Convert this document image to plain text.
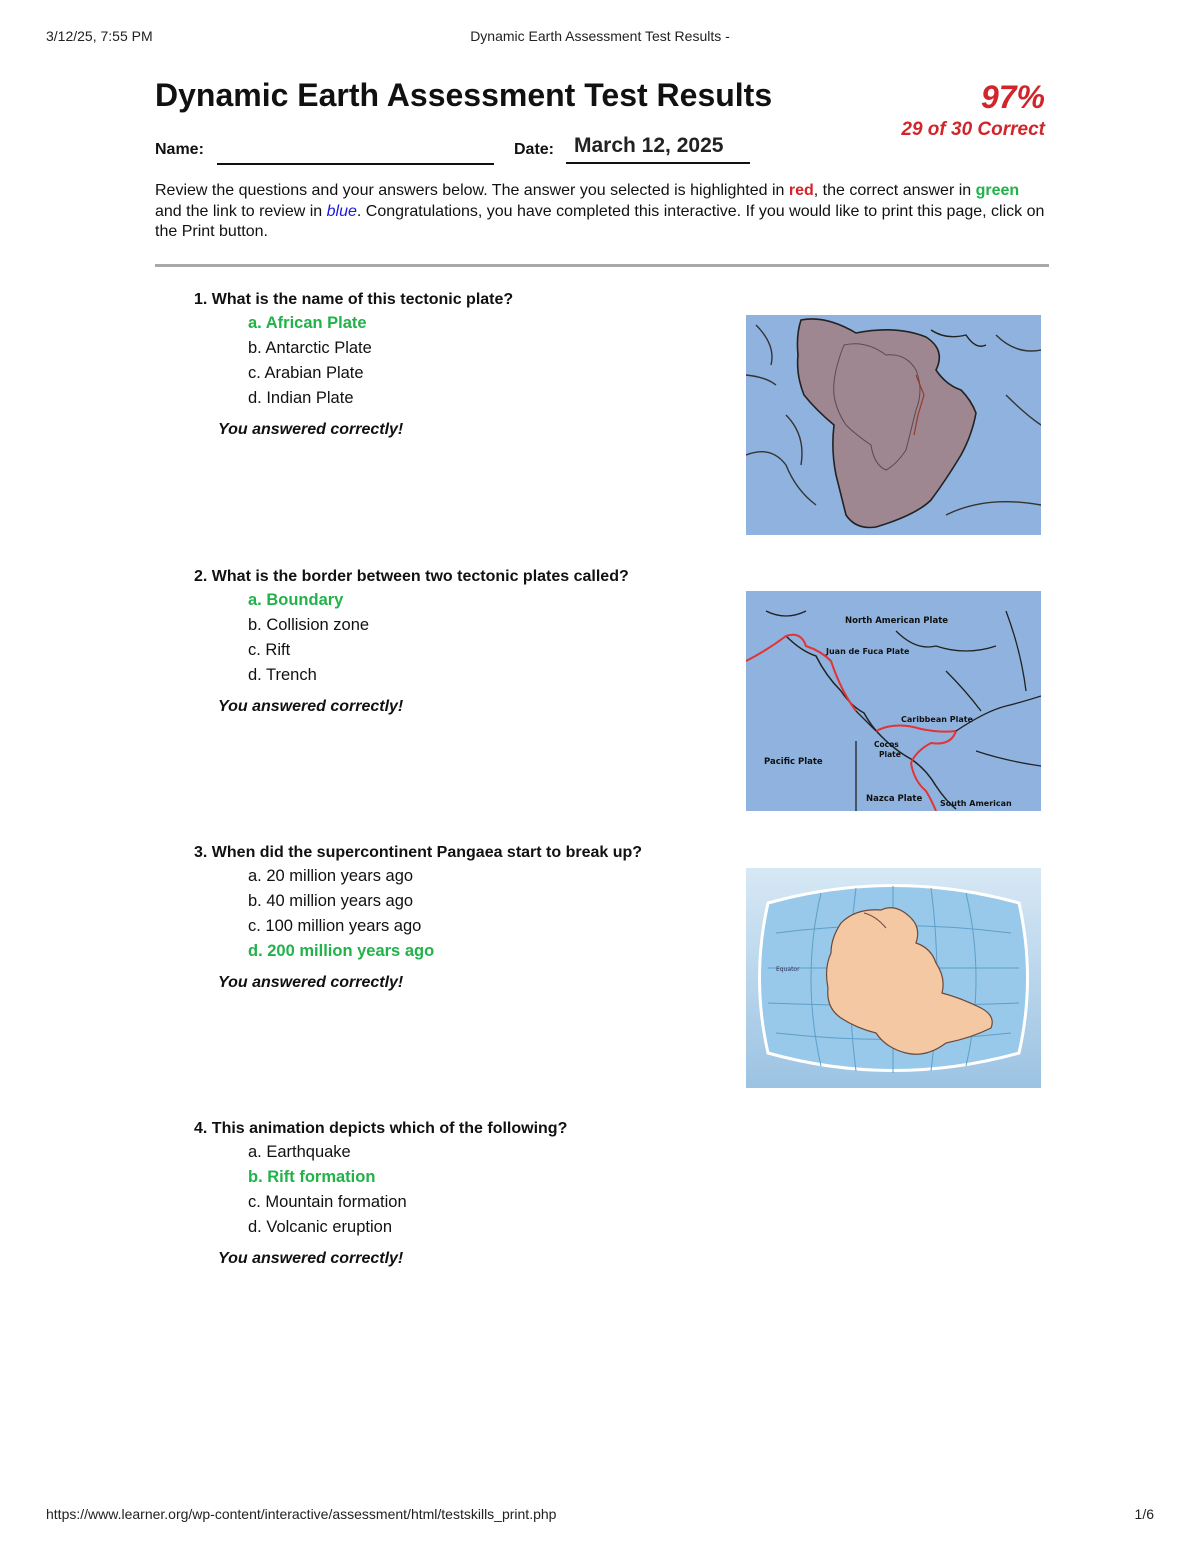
3/12/25, 7:55 PM	Dynamic Earth Assessment Test Results -
Dynamic Earth Assessment Test Results	97%
29 of 30 Correct
Name:	Date: March 12, 2025

Review the questions and your answers below. The answer you selected is highlighted in red, the correct answer in green and the link to review in blue. Congratulations, you have completed this interactive. If you would like to print this page, click on the Print button.

1. What is the name of this tectonic plate?
a. African Plate
b. Antarctic Plate
c. Arabian Plate
d. Indian Plate
You answered correctly!
2. What is the border between two tectonic plates called?
a. Boundary
b. Collision zone
c. Rift
d. Trench
You answered correctly!
North American Plate
Juan de Fuca Plate
Caribbean Plate
Cocos
Plate
Pacific Plate
Nazca Plate South American
3. When did the supercontinent Pangaea start to break up?
a. 20 million years ago
b. 40 million years ago
c. 100 million years ago
d. 200 million years ago
You answered correctly!
Equator
4. This animation depicts which of the following?
a. Earthquake
b. Rift formation
c. Mountain formation
d. Volcanic eruption
You answered correctly!
https://www.learner.org/wp-content/interactive/assessment/html/testskills_print.php	1/6
